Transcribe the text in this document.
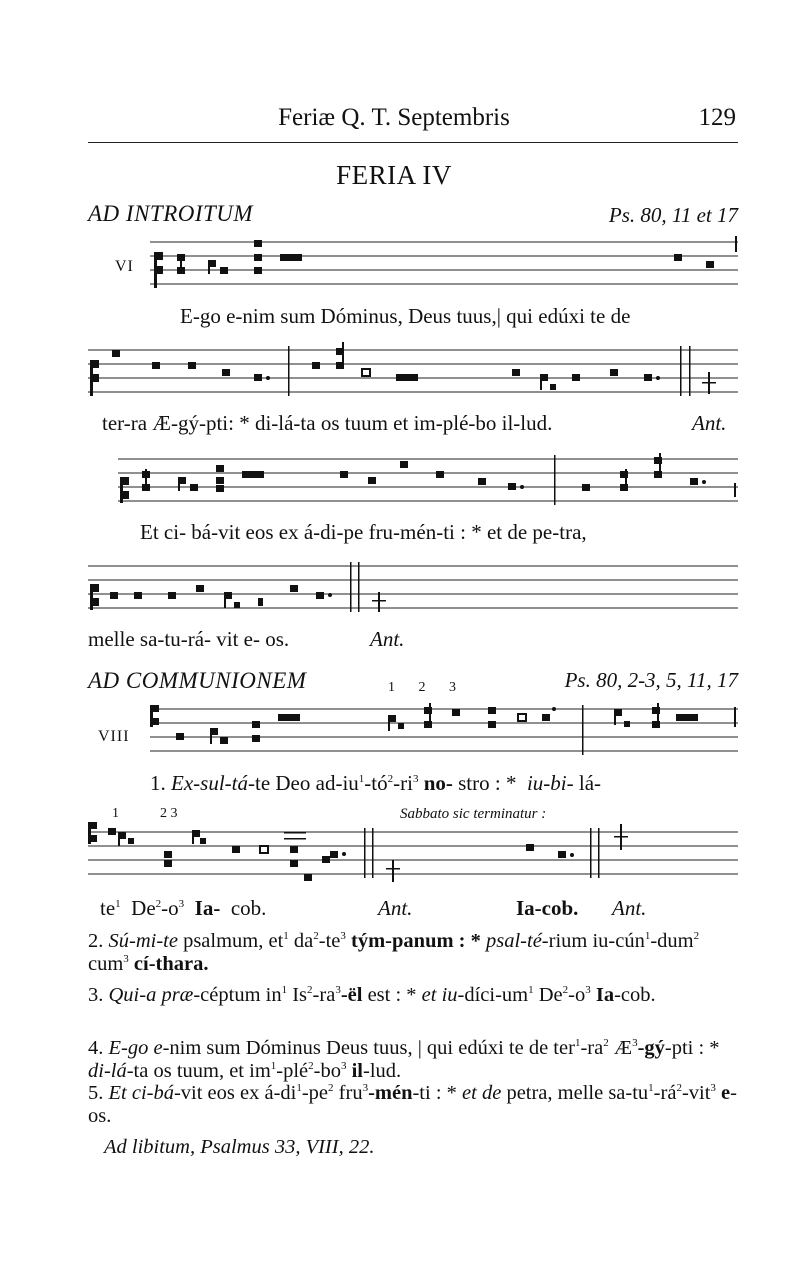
Feriæ Q. T. Septembris	129
FERIA IV
AD INTROITUM	Ps. 80, 11 et 17
VI
E-go e-nim sum Dóminus, Deus tuus,| qui edúxi te de
ter-ra Æ-gý-pti: * di-lá-ta os tuum et im-plé-bo il-lud.	Ant.
Et ci- bá-vit eos ex á-di-pe fru-mén-ti : * et de pe-tra,
melle sa-tu-rá- vit e- os.	Ant.
AD COMMUNIONEM	1 2 3	Ps. 80, 2-3, 5, 11, 17
VIII
1. Ex-sul-tá-te Deo $ad-iu^1-tó^2-ri^3$ no- stro : * iu-bi- lá-
1	2 3	Sabbato sic terminatur :
$te^1$ $De^2-o^3$ Ia- cob.	Ant.	Ia-cob. Ant.
2. Sú-mi-te psalmum, $et^1$ $da^2-te^3$ tým-panum : * psal-té-rium iu-cún$^1$-dum$^2$ cum$^3$ cí-thara.
3. Qui-a præ-céptum $in^1$ $Is^2-ra^3-ël$ est : * et $iu-díci-um^1$ $De^2-o^3$ Ia-cob.
4. E-go e-nim sum Dóminus Deus tuus, | qui edúxi te de $ter^1-ra^2$ $Æ^3-gý$-pti : * di-lá-ta os tuum, et $im^1-plé^2-bo^3$ il-lud.
5. Et ci-bá-vit eos ex $á-di^1-pe^2$ fru$^3$-mén-ti : * et de petra, melle $sa-tu^1-rá^2-vit^3$ e-os.
Ad libitum, Psalmus 33, VIII, 22.
